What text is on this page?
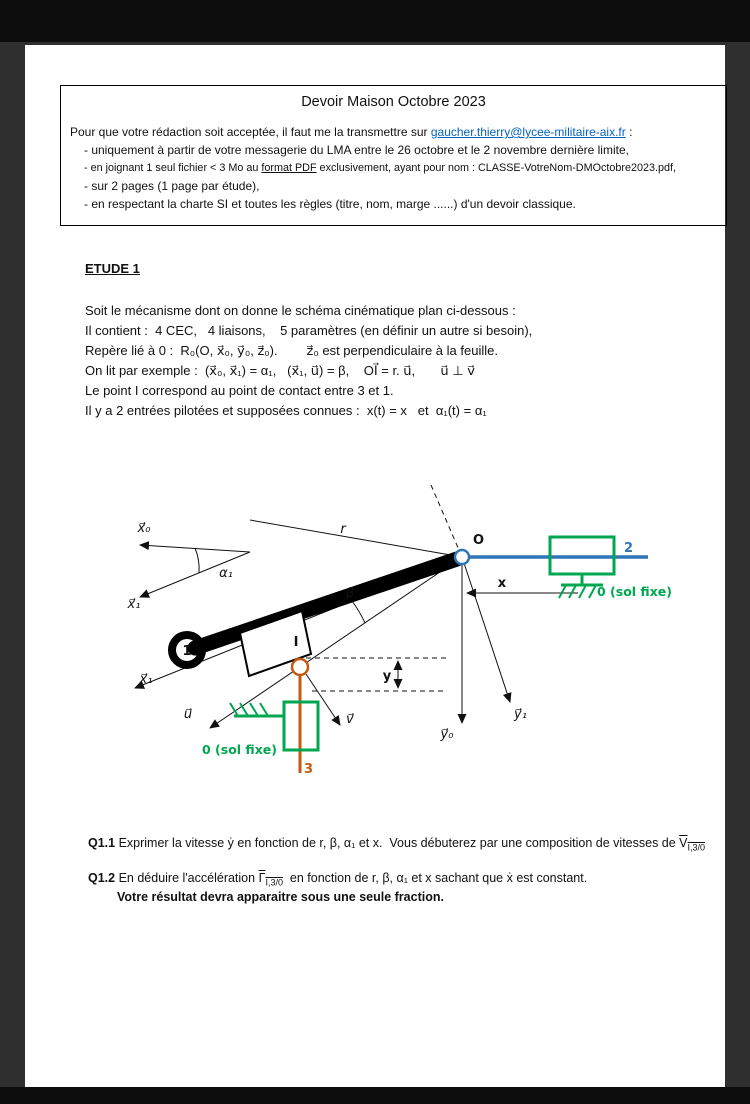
Devoir Maison Octobre 2023
Pour que votre rédaction soit acceptée, il faut me la transmettre sur gaucher.thierry@lycee-militaire-aix.fr :
- uniquement à partir de votre messagerie du LMA entre le 26 octobre et le 2 novembre dernière limite,
- en joignant 1 seul fichier < 3 Mo au format PDF exclusivement, ayant pour nom : CLASSE-VotreNom-DMOctobre2023.pdf,
- sur 2 pages (1 page par étude),
- en respectant la charte SI et toutes les règles (titre, nom, marge ......) d'un devoir classique.
ETUDE 1
Soit le mécanisme dont on donne le schéma cinématique plan ci-dessous :
Il contient :  4 CEC,   4 liaisons,    5 paramètres (en définir un autre si besoin),
Repère lié à 0 :  R₀(O, x⃗₀, y⃗₀, z⃗₀).        z⃗₀ est perpendiculaire à la feuille.
On lit par exemple :  (x⃗₀, x⃗₁) = α₁,   (x⃗₁, u⃗) = β,    OI⃗ = r. u⃗,       u⃗ ⊥ v⃗
Le point I correspond au point de contact entre 3 et 1.
Il y a 2 entrées pilotées et supposées connues :  x(t) = x   et  α₁(t) = α₁
x⃗₀
x⃗₁
x⃗₁
α₁
β
r
O
1
2
3
I
x
y
u⃗	v⃗
y⃗₀
y⃗₁
0 (sol fixe)
0 (sol fixe)
Q1.1 Exprimer la vitesse ẏ en fonction de r, β, α₁ et x.  Vous débuterez par une composition de vitesses de $V_{I,3/0}$
Q1.2 En déduire l'accélération $\Gamma_{I,3/0}$  en fonction de r, β, α₁ et x sachant que ẋ est constant.
Votre résultat devra apparaitre sous une seule fraction.
